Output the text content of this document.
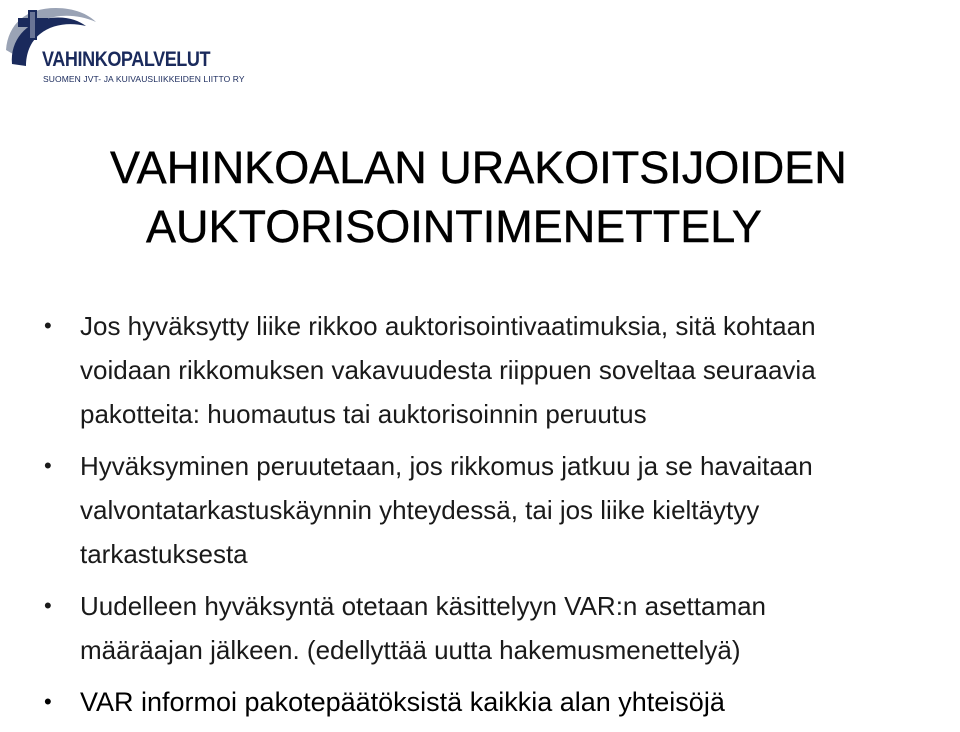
VAHINKOPALVELUT
SUOMEN JVT- JA KUIVAUSLIIKKEIDEN LIITTO RY
VAHINKOALAN URAKOITSIJOIDEN
AUKTORISOINTIMENETTELY
• Jos hyväksytty liike rikkoo auktorisointivaatimuksia, sitä kohtaan
voidaan rikkomuksen vakavuudesta riippuen soveltaa seuraavia
pakotteita: huomautus tai auktorisoinnin peruutus
• Hyväksyminen peruutetaan, jos rikkomus jatkuu ja se havaitaan
valvontatarkastuskäynnin yhteydessä, tai jos liike kieltäytyy
tarkastuksesta
• Uudelleen hyväksyntä otetaan käsittelyyn VAR:n asettaman
määräajan jälkeen. (edellyttää uutta hakemusmenettelyä)
• VAR informoi pakotepäätöksistä kaikkia alan yhteisöjä
